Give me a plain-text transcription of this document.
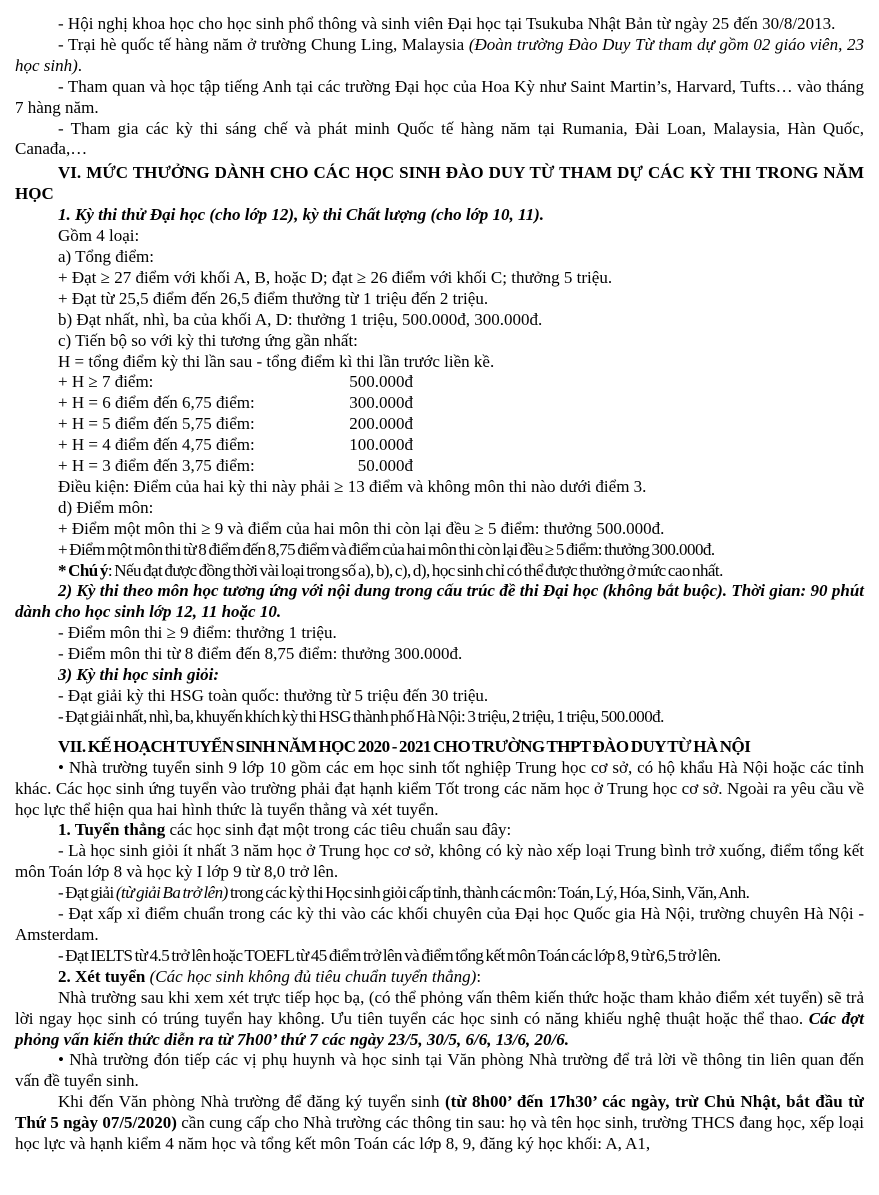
- Hội nghị khoa học cho học sinh phổ thông và sinh viên Đại học tại Tsukuba Nhật Bản từ ngày 25 đến 30/8/2013.
- Trại hè quốc tế hàng năm ở trường Chung Ling, Malaysia (Đoàn trường Đào Duy Từ tham dự gồm 02 giáo viên, 23 học sinh).
- Tham quan và học tập tiếng Anh tại các trường Đại học của Hoa Kỳ như Saint Martin’s, Harvard, Tufts… vào tháng 7 hàng năm.
- Tham gia các kỳ thi sáng chế và phát minh Quốc tế hàng năm tại Rumania, Đài Loan, Malaysia, Hàn Quốc, Canađa,…
VI. MỨC THƯỞNG DÀNH CHO CÁC HỌC SINH ĐÀO DUY TỪ THAM DỰ CÁC KỲ THI TRONG NĂM HỌC
1. Kỳ thi thử Đại học (cho lớp 12), kỳ thi Chất lượng (cho lớp 10, 11).
Gồm 4 loại:
a) Tổng điểm:
+ Đạt ≥ 27 điểm với khối A, B, hoặc D; đạt ≥ 26 điểm với khối C; thưởng 5 triệu.
+ Đạt từ 25,5 điểm đến 26,5 điểm thưởng từ 1 triệu đến 2 triệu.
b) Đạt nhất, nhì, ba của khối A, D: thưởng 1 triệu, 500.000đ, 300.000đ.
c) Tiến bộ so với kỳ thi tương ứng gần nhất:
H = tổng điểm kỳ thi lần sau - tổng điểm kì thi lần trước liền kề.
+ H ≥ 7 điểm:	500.000đ
+ H = 6 điểm đến 6,75 điểm:	300.000đ
+ H = 5 điểm đến 5,75 điểm:	200.000đ
+ H = 4 điểm đến 4,75 điểm:	100.000đ
+ H = 3 điểm đến 3,75 điểm:	50.000đ
Điều kiện: Điểm của hai kỳ thi này phải ≥ 13 điểm và không môn thi nào dưới điểm 3.
d) Điểm môn:
+ Điểm một môn thi ≥ 9 và điểm của hai môn thi còn lại đều ≥ 5 điểm: thưởng 500.000đ.
+ Điểm một môn thi từ 8 điểm đến 8,75 điểm và điểm của hai môn thi còn lại đều ≥ 5 điểm: thưởng 300.000đ.
* Chú ý: Nếu đạt được đồng thời vài loại trong số a), b), c), d), học sinh chỉ có thể được thưởng ở mức cao nhất.
2) Kỳ thi theo môn học tương ứng với nội dung trong cấu trúc đề thi Đại học (không bắt buộc). Thời gian: 90 phút dành cho học sinh lớp 12, 11 hoặc 10.
- Điểm môn thi ≥ 9 điểm: thưởng 1 triệu.
- Điểm môn thi từ 8 điểm đến 8,75 điểm: thưởng 300.000đ.
3) Kỳ thi học sinh giỏi:
- Đạt giải kỳ thi HSG toàn quốc: thưởng từ 5 triệu đến 30 triệu.
- Đạt giải nhất, nhì, ba, khuyến khích kỳ thi HSG thành phố Hà Nội: 3 triệu, 2 triệu, 1 triệu, 500.000đ.
VII. KẾ HOẠCH TUYỂN SINH NĂM HỌC 2020 - 2021 CHO TRƯỜNG THPT ĐÀO DUY TỪ HÀ NỘI
• Nhà trường tuyển sinh 9 lớp 10 gồm các em học sinh tốt nghiệp Trung học cơ sở, có hộ khẩu Hà Nội hoặc các tỉnh khác. Các học sinh ứng tuyển vào trường phải đạt hạnh kiểm Tốt trong các năm học ở Trung học cơ sở. Ngoài ra yêu cầu về học lực thể hiện qua hai hình thức là tuyển thẳng và xét tuyển.
1. Tuyển thẳng các học sinh đạt một trong các tiêu chuẩn sau đây:
- Là học sinh giỏi ít nhất 3 năm học ở Trung học cơ sở, không có kỳ nào xếp loại Trung bình trở xuống, điểm tổng kết môn Toán lớp 8 và học kỳ I lớp 9 từ 8,0 trở lên.
- Đạt giải (từ giải Ba trở lên) trong các kỳ thi Học sinh giỏi cấp tỉnh, thành các môn: Toán, Lý, Hóa, Sinh, Văn, Anh.
- Đạt xấp xỉ điểm chuẩn trong các kỳ thi vào các khối chuyên của Đại học Quốc gia Hà Nội, trường chuyên Hà Nội - Amsterdam.
- Đạt IELTS từ 4.5 trở lên hoặc TOEFL từ 45 điểm trở lên và điểm tổng kết môn Toán các lớp 8, 9 từ 6,5 trở lên.
2. Xét tuyển (Các học sinh không đủ tiêu chuẩn tuyển thẳng):
Nhà trường sau khi xem xét trực tiếp học bạ, (có thể phỏng vấn thêm kiến thức hoặc tham khảo điểm xét tuyển) sẽ trả lời ngay học sinh có trúng tuyển hay không. Ưu tiên tuyển các học sinh có năng khiếu nghệ thuật hoặc thể thao. Các đợt phỏng vấn kiến thức diễn ra từ 7h00’ thứ 7 các ngày 23/5, 30/5, 6/6, 13/6, 20/6.
• Nhà trường đón tiếp các vị phụ huynh và học sinh tại Văn phòng Nhà trường để trả lời về thông tin liên quan đến vấn đề tuyển sinh.
Khi đến Văn phòng Nhà trường để đăng ký tuyển sinh (từ 8h00’ đến 17h30’ các ngày, trừ Chủ Nhật, bắt đầu từ Thứ 5 ngày 07/5/2020) cần cung cấp cho Nhà trường các thông tin sau: họ và tên học sinh, trường THCS đang học, xếp loại học lực và hạnh kiểm 4 năm học và tổng kết môn Toán các lớp 8, 9, đăng ký học khối: A, A1,
